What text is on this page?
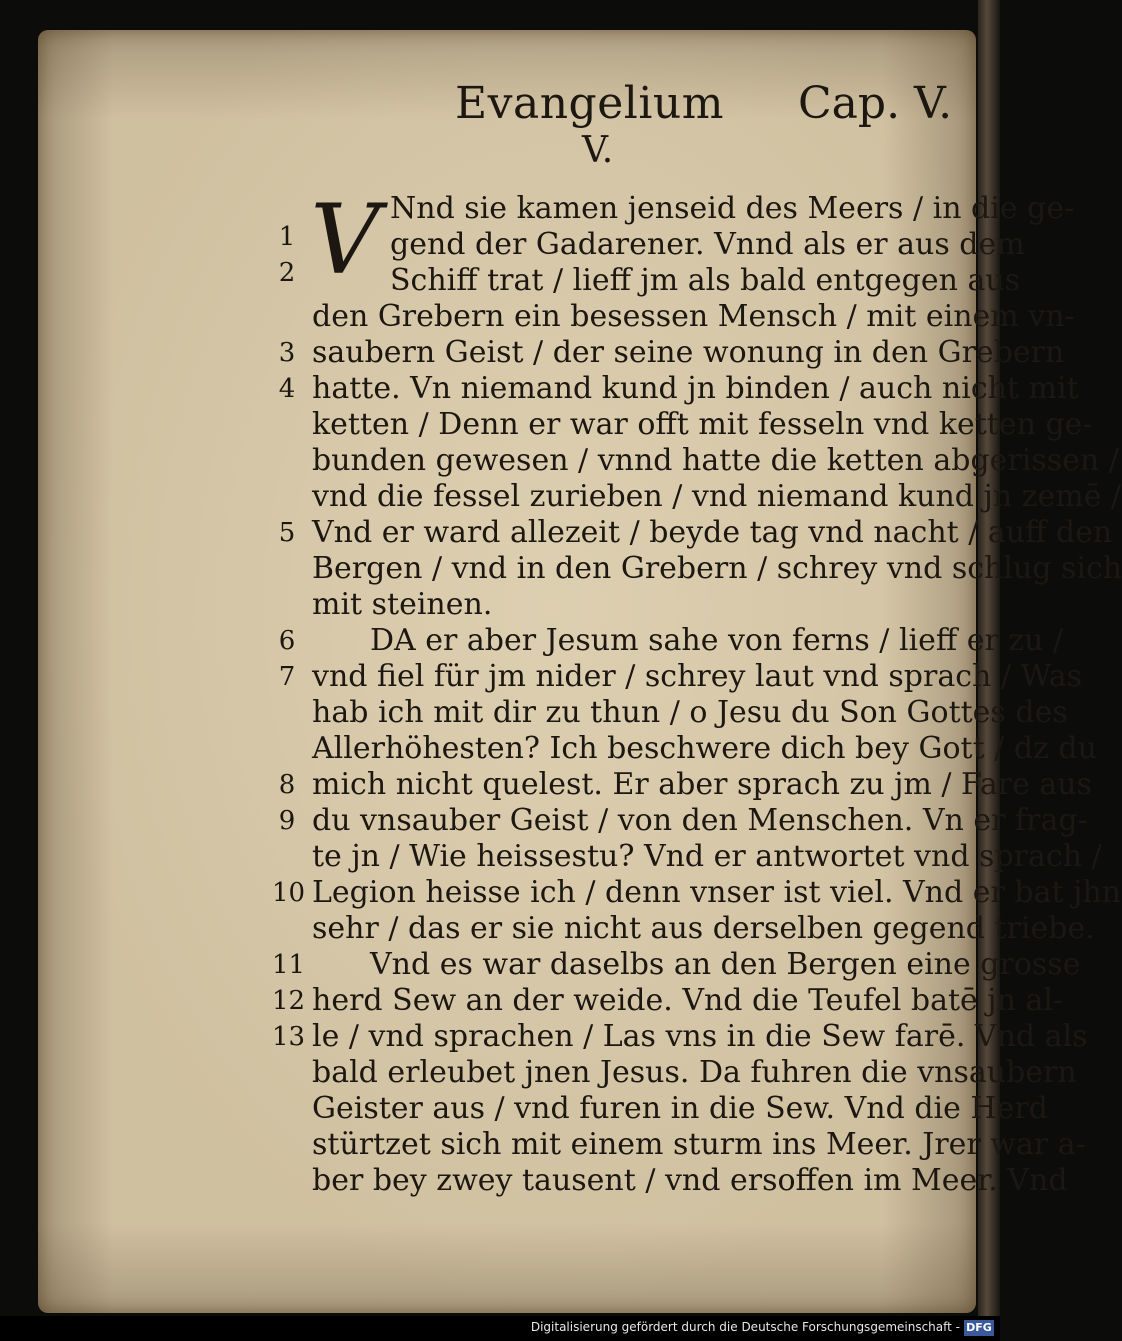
Evangelium Cap. V.
V.
V Nnd sie kamen jenseid des Meers / in die ge-
gend der Gadarener. Vnnd als er aus dem
Schiff trat / lieff jm als bald entgegen aus
den Grebern ein besessen Mensch / mit einem vn-
saubern Geist / der seine wonung in den Grebern
hatte. Vn niemand kund jn binden / auch nicht mit
ketten / Denn er war offt mit fesseln vnd ketten ge-
bunden gewesen / vnnd hatte die ketten abgerissen /
vnd die fessel zurieben / vnd niemand kund jn zemē /
Vnd er ward allezeit / beyde tag vnd nacht / auff den
Bergen / vnd in den Grebern / schrey vnd schlug sich
mit steinen.
DA er aber Jesum sahe von ferns / lieff er zu /
vnd fiel für jm nider / schrey laut vnd sprach / Was
hab ich mit dir zu thun / o Jesu du Son Gottes des
Allerhöhesten? Ich beschwere dich bey Gott / dz du
mich nicht quelest. Er aber sprach zu jm / Fare aus
du vnsauber Geist / von den Menschen. Vn er frag-
te jn / Wie heissestu? Vnd er antwortet vnd sprach /
Legion heisse ich / denn vnser ist viel. Vnd er bat jhn
sehr / das er sie nicht aus derselben gegend triebe.
Vnd es war daselbs an den Bergen eine grosse
herd Sew an der weide. Vnd die Teufel batē jn al-
le / vnd sprachen / Las vns in die Sew farē. Vnd als
bald erleubet jnen Jesus. Da fuhren die vnsaubern
Geister aus / vnd furen in die Sew. Vnd die Herd
stürtzet sich mit einem sturm ins Meer. Jrer war a-
ber bey zwey tausent / vnd ersoffen im Meer. Vnd
1
2
3
4
5
6
7
8
9
10
11
12
13
Digitalisierung gefördert durch die Deutsche Forschungsgemeinschaft - DFG
